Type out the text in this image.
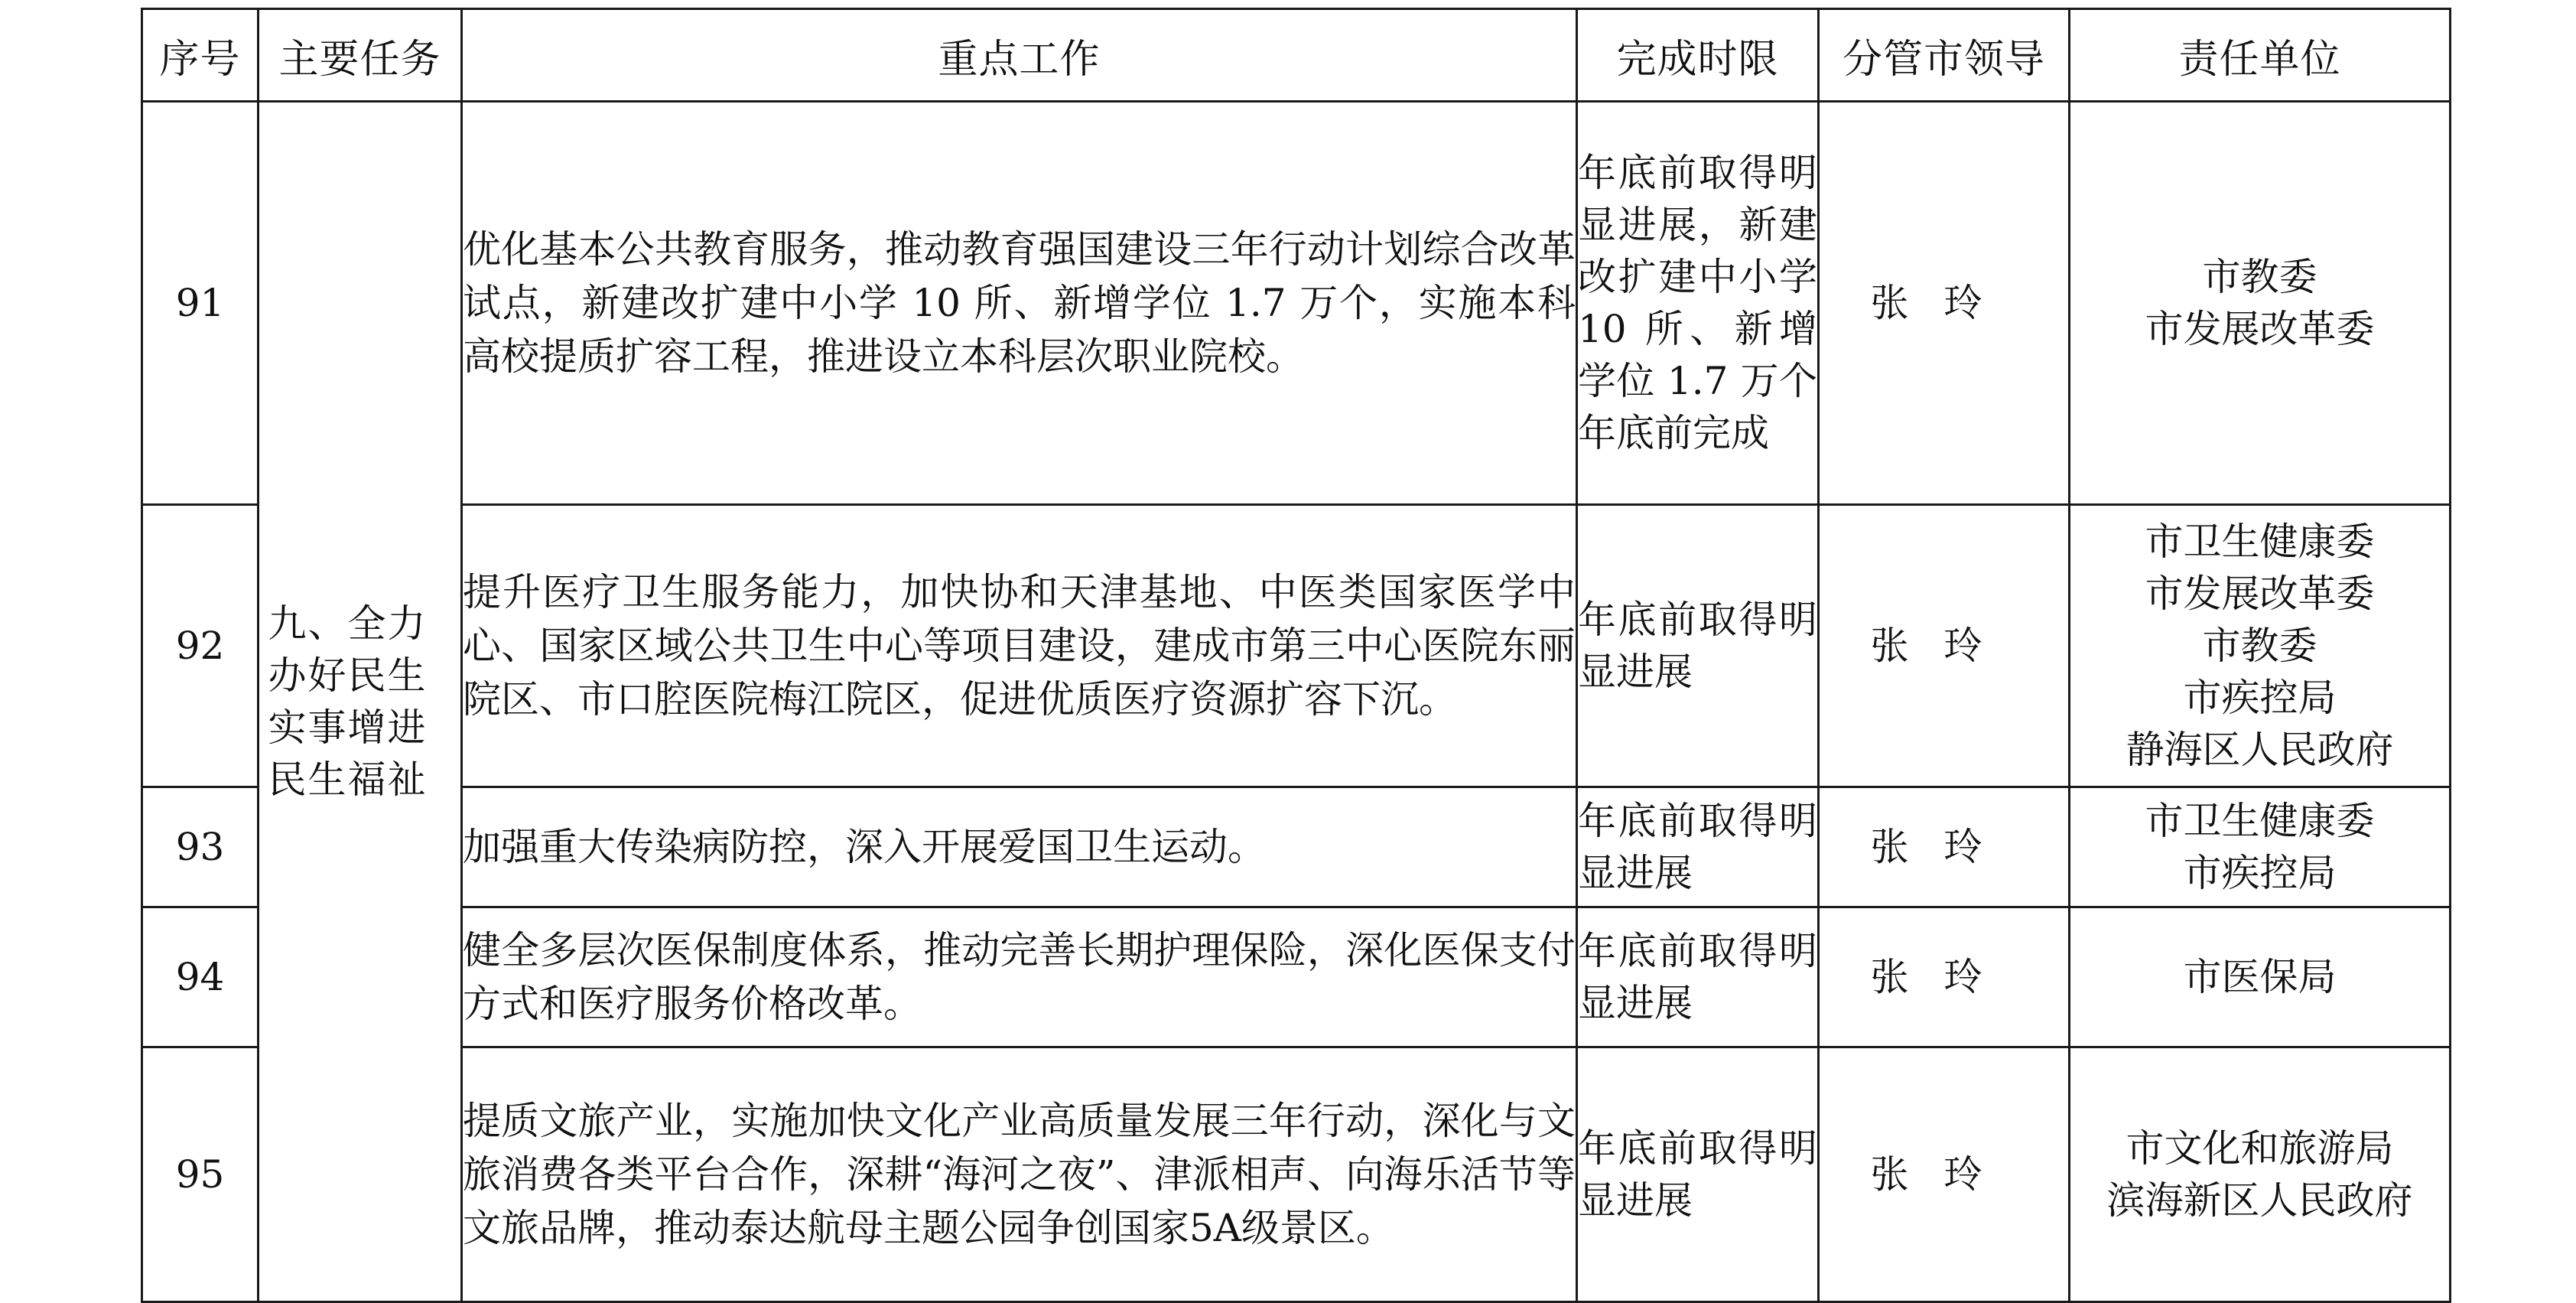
序号	主要任务	重点工作	完成时限	分管市领导	责任单位
91	九、全力办好民生实事增进民生福祉	优化基本公共教育服务，推动教育强国建设三年行动计划综合改革试点，新建改扩建中小学 10 所、新增学位 1.7 万个，实施本科高校提质扩容工程，推进设立本科层次职业院校。	年底前取得明显进展，新建改扩建中小学 10 所、新增学位 1.7 万个年底前完成	张玲	市教委
市发展改革委

92		提升医疗卫生服务能力，加快协和天津基地、中医类国家医学中心、国家区域公共卫生中心等项目建设，建成市第三中心医院东丽院区、市口腔医院梅江院区，促进优质医疗资源扩容下沉。	年底前取得明显进展	张玲	市卫生健康委
市发展改革委
市教委
市疾控局
静海区人民政府

93		加强重大传染病防控，深入开展爱国卫生运动。	年底前取得明显进展	张玲	市卫生健康委
市疾控局

94		健全多层次医保制度体系，推动完善长期护理保险，深化医保支付方式和医疗服务价格改革。	年底前取得明显进展	张玲	市医保局

95		提质文旅产业，实施加快文化产业高质量发展三年行动，深化与文旅消费各类平台合作，深耕“海河之夜”、津派相声、向海乐活节等文旅品牌，推动泰达航母主题公园争创国家5A级景区。	年底前取得明显进展	张玲	市文化和旅游局
滨海新区人民政府
